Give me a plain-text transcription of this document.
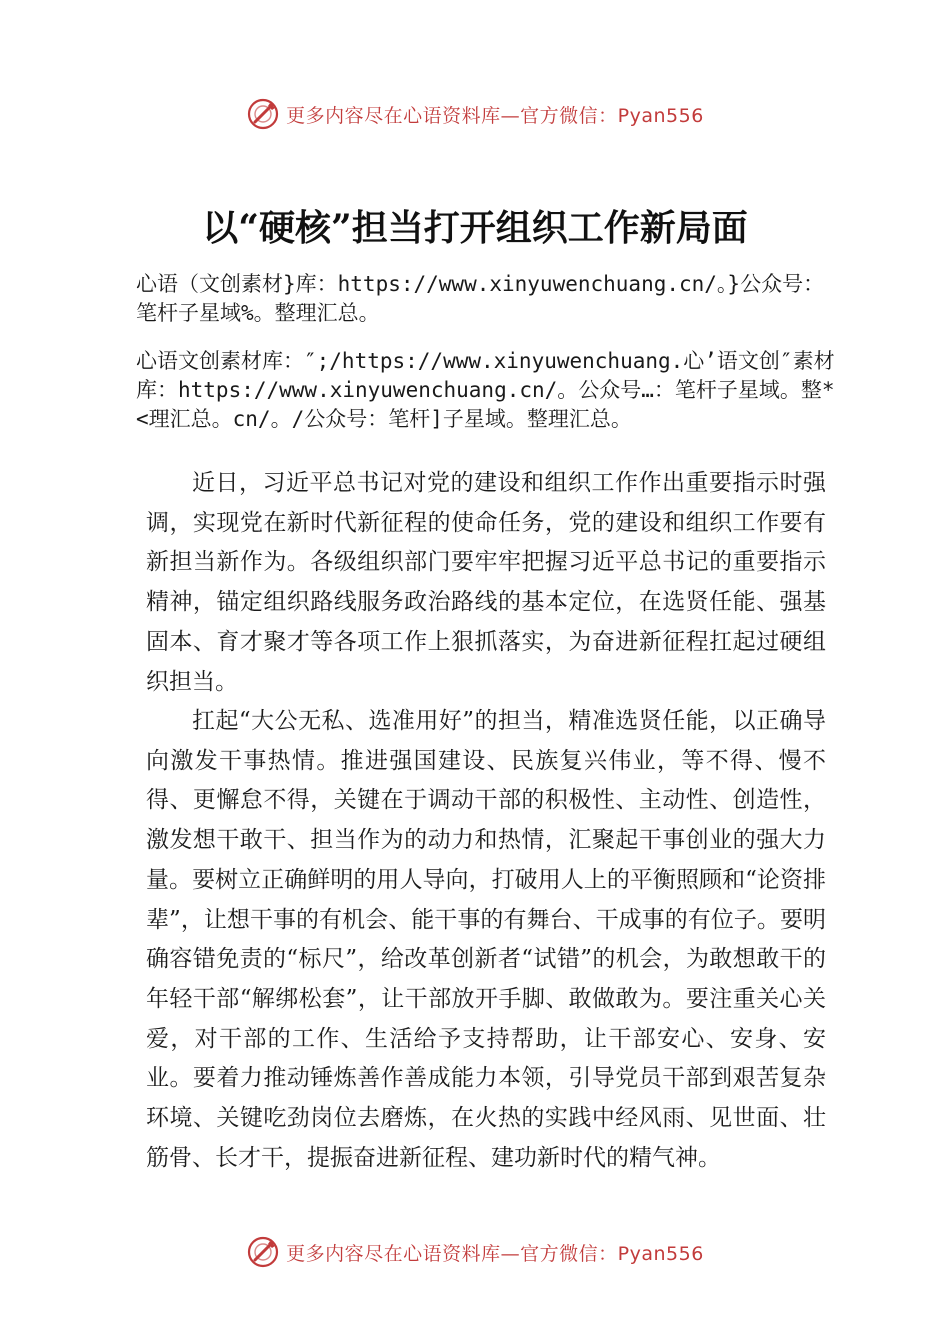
更多内容尽在心语资料库—官方微信：Pyan556
以“硬核”担当打开组织工作新局面
心语（文创素材}库：https://www.xinyuwenchuang.cn/。}公众号：笔杆子星域%。整理汇总。
心语文创素材库：″;/https://www.xinyuwenchuang.心’语文创″素材库：https://www.xinyuwenchuang.cn/。公众号…：笔杆子星域。整*<理汇总。cn/。/公众号：笔杆]子星域。整理汇总。

近日，习近平总书记对党的建设和组织工作作出重要指示时强调，实现党在新时代新征程的使命任务，党的建设和组织工作要有新担当新作为。各级组织部门要牢牢把握习近平总书记的重要指示精神，锚定组织路线服务政治路线的基本定位，在选贤任能、强基固本、育才聚才等各项工作上狠抓落实，为奋进新征程扛起过硬组织担当。

扛起“大公无私、选准用好”的担当，精准选贤任能，以正确导向激发干事热情。推进强国建设、民族复兴伟业，等不得、慢不得、更懈怠不得，关键在于调动干部的积极性、主动性、创造性，激发想干敢干、担当作为的动力和热情，汇聚起干事创业的强大力量。要树立正确鲜明的用人导向，打破用人上的平衡照顾和“论资排辈”，让想干事的有机会、能干事的有舞台、干成事的有位子。要明确容错免责的“标尺”，给改革创新者“试错”的机会，为敢想敢干的年轻干部“解绑松套”，让干部放开手脚、敢做敢为。要注重关心关爱，对干部的工作、生活给予支持帮助，让干部安心、安身、安业。要着力推动锤炼善作善成能力本领，引导党员干部到艰苦复杂环境、关键吃劲岗位去磨炼，在火热的实践中经风雨、见世面、壮筋骨、长才干，提振奋进新征程、建功新时代的精气神。

更多内容尽在心语资料库—官方微信：Pyan556
